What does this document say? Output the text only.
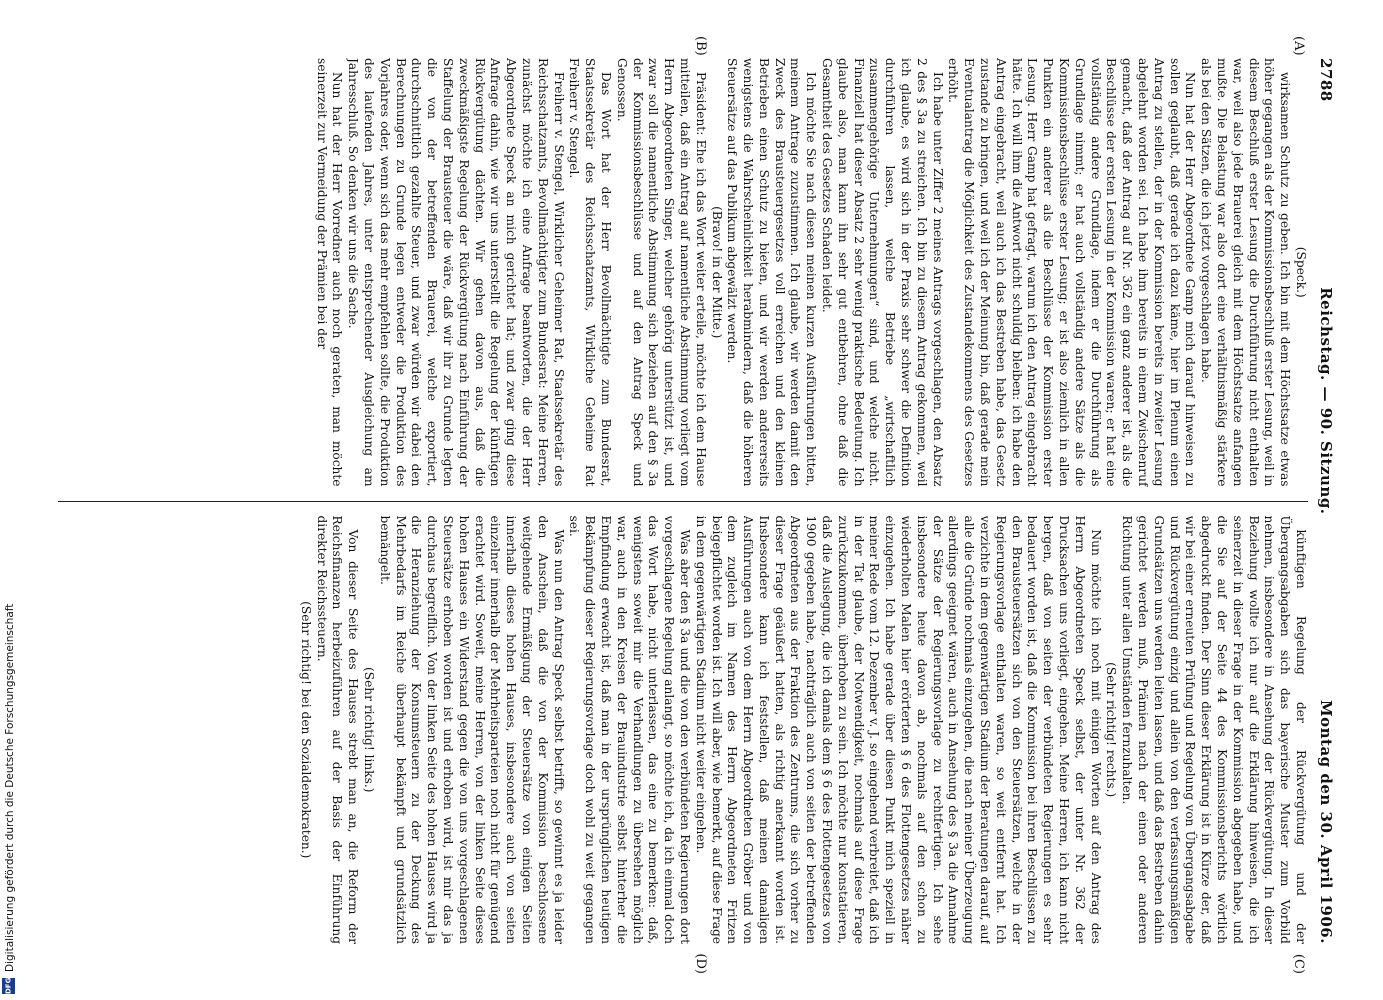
2788
Reichstag. — 90. Sitzung.
Montag den 30. April 1906.
(A)
(B)
(C)
(D)

(Speck.)

wirksamen Schutz zu geben. Ich bin mit dem Höchstsatze etwas höher gegangen als der Kommissionsbeschluß erster Lesung, weil in diesem Beschluß erster Lesung die Durchführung nicht enthalten war, weil also jede Brauerei gleich mit dem Höchstsatze anfangen mußte. Die Belastung war also dort eine verhältnismäßig stärkere als bei den Sätzen, die ich jetzt vorgeschlagen habe.

Nun hat der Herr Abgeordnete Gamp mich darauf hinweisen zu sollen geglaubt, daß gerade ich dazu käme, hier im Plenum einen Antrag zu stellen, der in der Kommission bereits in zweiter Lesung abgelehnt worden sei. Ich habe ihm bereits in einem Zwischenruf gemacht, daß der Antrag auf Nr. 362 ein ganz anderer ist, als die Beschlüsse der ersten Lesung in der Kommission waren; er hat eine vollständig andere Grundlage, indem er die Durchführung als Grundlage nimmt; er hat auch vollständig andere Sätze als die Kommissionsbeschlüsse erster Lesung; er ist also ziemlich in allen Punkten ein anderer als die Beschlüsse der Kommission erster Lesung. Herr Gamp hat gefragt, warum ich den Antrag eingebracht hätte. Ich will ihm die Antwort nicht schuldig bleiben: ich habe den Antrag eingebracht, weil auch ich das Bestreben habe, das Gesetz zustande zu bringen, und weil ich der Meinung bin, daß gerade mein Eventualantrag die Möglichkeit des Zustandekommens des Gesetzes erhöht.

Ich habe unter Ziffer 2 meines Antrags vorgeschlagen, den Absatz 2 des § 3a zu streichen. Ich bin zu diesem Antrag gekommen, weil ich glaube, es wird sich in der Praxis sehr schwer die Definition durchführen lassen, welche Betriebe „wirtschaftlich zusammengehörige Unternehmungen“ sind, und welche nicht. Finanziell hat dieser Absatz 2 sehr wenig praktische Bedeutung. Ich glaube also, man kann ihn sehr gut entbehren, ohne daß die Gesamtheit des Gesetzes Schaden leidet.

Ich möchte Sie nach diesen meinen kurzen Ausführungen bitten, meinem Antrage zuzustimmen. Ich glaube, wir werden damit den Zweck des Brausteuergesetzes voll erreichen und den kleinen Betrieben einen Schutz zu bieten, und wir werden andererseits wenigstens die Wahrscheinlichkeit herabmindern, daß die höheren Steuersätze auf das Publikum abgewälzt werden.

(Bravo! in der Mitte.)

Präsident: Ehe ich das Wort weiter erteile, möchte ich dem Hause mitteilen, daß ein Antrag auf namentliche Abstimmung vorliegt vom Herrn Abgeordneten Singer, welcher gehörig unterstützt ist, und zwar soll die namentliche Abstimmung sich beziehen auf den § 3a der Kommissionsbeschlüsse und auf den Antrag Speck und Genossen.

Das Wort hat der Herr Bevollmächtigte zum Bundesrat, Staatssekretär des Reichsschatzamts, Wirkliche Geheime Rat Freiherr v. Stengel.

Freiherr v. Stengel, Wirklicher Geheimer Rat, Staatssekretär des Reichsschatzamts, Bevollmächtigter zum Bundesrat: Meine Herren, zunächst möchte ich eine Anfrage beantworten, die der Herr Abgeordnete Speck an mich gerichtet hat; und zwar ging diese Anfrage dahin, wie wir uns unterstellt die Regelung der künftigen Rückvergütung dächten. Wir gehen davon aus, daß die zweckmäßigste Regelung der Rückvergütung nach Einführung der Staffelung der Brausteuer die wäre, daß wir ihr zu Grunde legten die von der betreffenden Brauerei, welche exportiert, durchschnittlich gezahlte Steuer, und zwar würden wir dabei den Berechnungen zu Grunde legen entweder die Produktion des Vorjahres oder, wenn sich das mehr empfehlen sollte, die Produktion des laufenden Jahres, unter entsprechender Ausgleichung am Jahresschluß. So denken wir uns die Sache.

Nun hat der Herr Vorredner auch noch geraten, man möchte seinerzeit zur Vermeidung der Prämien bei der

künftigen Regelung der Rückvergütung und der Übergangsabgaben sich das bayerische Muster zum Vorbild nehmen, insbesondere in Ansehung der Rückvergütung. In dieser Beziehung wollte ich nur auf die Erklärung hinweisen, die ich seinerzeit in dieser Frage in der Kommission abgegeben habe, und die Sie auf der Seite 44 des Kommissionsberichts wörtlich abgedruckt finden. Der Sinn dieser Erklärung ist in Kürze der, daß wir bei einer erneuten Prüfung und Regelung von Übergangsabgabe und Rückvergütung einzig und allein von den verfassungsmäßigen Grundsätzen uns werden leiten lassen, und daß das Bestreben dahin gerichtet werden muß, Prämien nach der einen oder anderen Richtung unter allen Umständen fernzuhalten.

(Sehr richtig! rechts.)

Nun möchte ich noch mit einigen Worten auf den Antrag des Herrn Abgeordneten Speck selbst, der unter Nr. 362 der Drucksachen uns vorliegt, eingehen. Meine Herren, ich kann nicht bergen, daß von seiten der verbündeten Regierungen es sehr bedauert worden ist, daß die Kommission bei ihren Beschlüssen zu den Brausteuersätzen sich von den Steuersätzen, welche in der Regierungsvorlage enthalten waren, so weit entfernt hat. Ich verzichte in dem gegenwärtigen Stadium der Beratungen darauf, auf alle die Gründe nochmals einzugehen, die nach meiner Überzeugung allerdings geeignet wären, auch in Ansehung des § 3a die Annahme der Sätze der Regierungsvorlage zu rechtfertigen. Ich sehe insbesondere heute davon ab, nochmals auf den schon zu wiederholten Malen hier erörterten § 6 des Flottengesetzes näher einzugehen. Ich habe gerade über diesen Punkt mich speziell in meiner Rede vom 12. Dezember v. J. so eingehend verbreitet, daß ich in der Tat glaube, der Notwendigkeit, nochmals auf diese Frage zurückzukommen, überhoben zu sein. Ich möchte nur konstatieren, daß die Auslegung, die ich damals dem § 6 des Flottengesetzes von 1900 gegeben habe, nachträglich auch von seiten der betreffenden Abgeordneten aus der Fraktion des Zentrums, die sich vorher zu dieser Frage geäußert hatten, als richtig anerkannt worden ist. Insbesondere kann ich feststellen, daß meinen damaligen Ausführungen auch von dem Herrn Abgeordneten Gröber und von dem zugleich im Namen des Herrn Abgeordneten Fritzen beigepflichtet worden ist. Ich will aber, wie bemerkt, auf diese Frage in dem gegenwärtigen Stadium nicht weiter eingehen.

Was aber den § 3a und die von den verbündeten Regierungen dort vorgeschlagene Regelung anlangt, so möchte ich, da ich einmal doch das Wort habe, nicht unterlassen, das eine zu bemerken: daß, wenigstens soweit mir die Verhandlungen zu übersehen möglich war, auch in den Kreisen der Brauindustrie selbst hinterher die Empfindung erwacht ist, daß man in der ursprünglichen heutigen Bekämpfung dieser Regierungsvorlage doch wohl zu weit gegangen sei.

Was nun den Antrag Speck selbst betrifft, so gewinnt es ja leider den Anschein, daß die von der Kommission beschlossene weitgehende Ermäßigung der Steuersätze von einigen Seiten innerhalb dieses hohen Hauses, insbesondere auch von seiten einzelner innerhalb der Mehrheitsparteien noch nicht für genügend erachtet wird. Soweit, meine Herren, von der linken Seite dieses hohen Hauses ein Widerstand gegen die von uns vorgeschlagenen Steuersätze erhoben worden ist und erhoben wird, ist mir das ja durchaus begreiflich. Von der linken Seite des hohen Hauses wird ja die Heranziehung der Konsumsteuern zu der Deckung des Mehrbedarfs im Reiche überhaupt bekämpft und grundsätzlich bemängelt.

(Sehr richtig! links.)

Von dieser Seite des Hauses strebt man an, die Reform der Reichsfinanzen herbeizuführen auf der Basis der Einführung direkter Reichssteuern.

(Sehr richtig! bei den Sozialdemokraten.)

Digitalisierung gefördert durch die Deutsche Forschungsgemeinschaft
DFG
